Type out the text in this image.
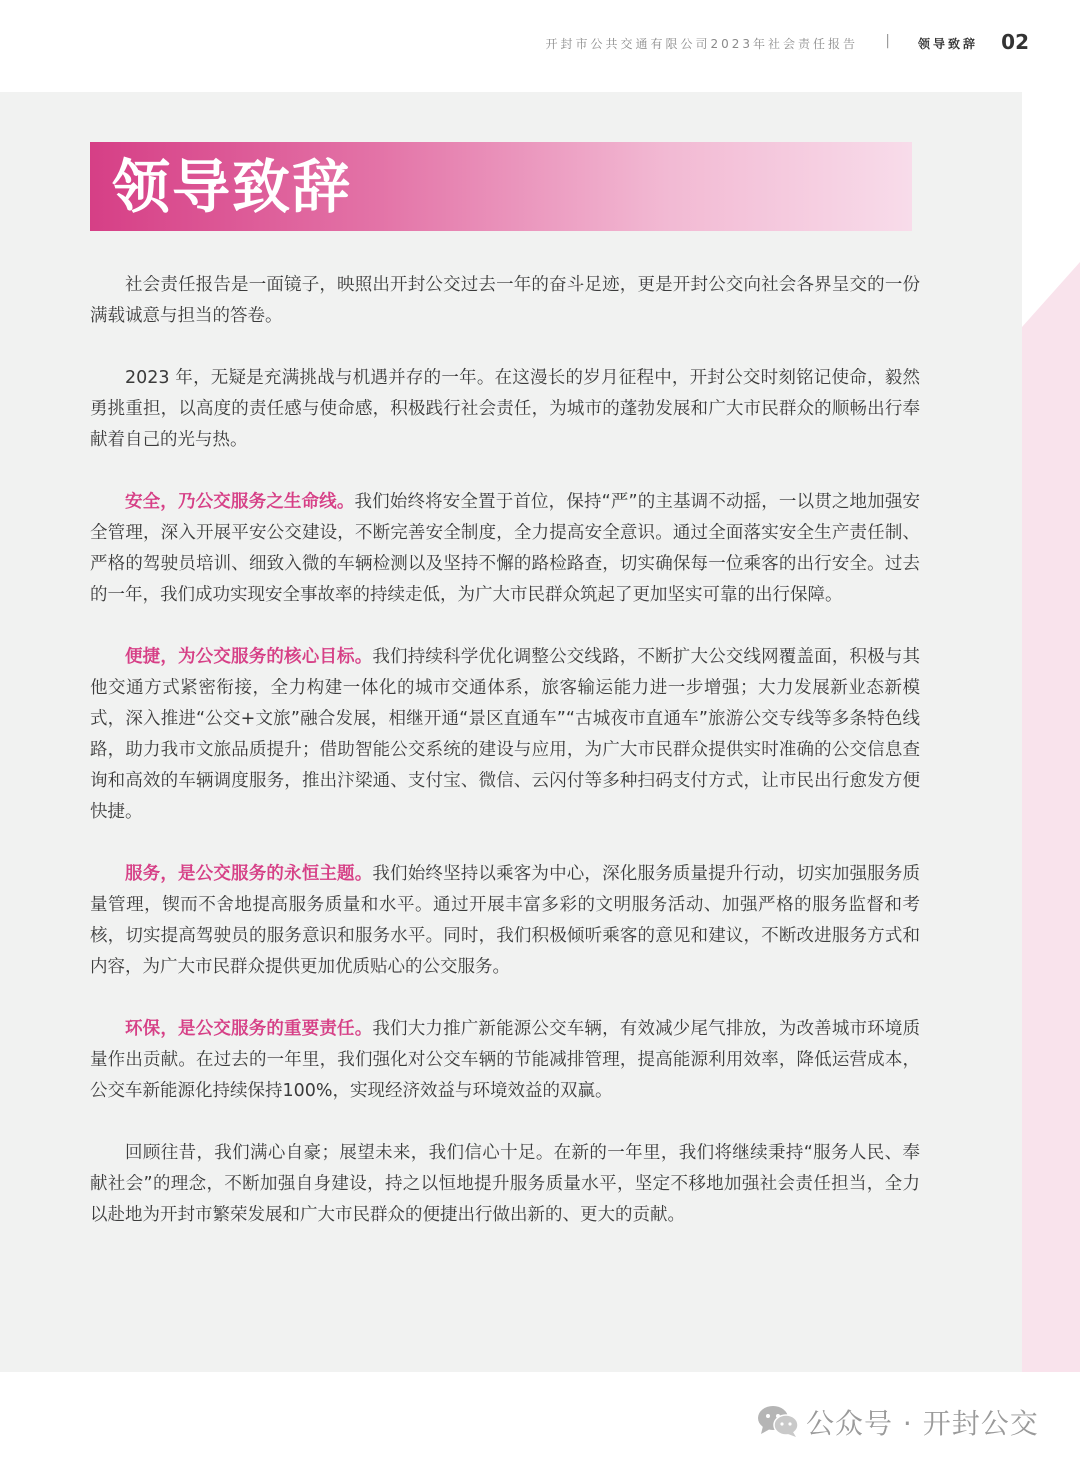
开封市公共交通有限公司2023年社会责任报告 | 领导致辞 02
领导致辞

社会责任报告是一面镜子，映照出开封公交过去一年的奋斗足迹，更是开封公交向社会各界呈交的一份满载诚意与担当的答卷。

2023 年，无疑是充满挑战与机遇并存的一年。在这漫长的岁月征程中，开封公交时刻铭记使命，毅然勇挑重担，以高度的责任感与使命感，积极践行社会责任，为城市的蓬勃发展和广大市民群众的顺畅出行奉献着自己的光与热。

安全，乃公交服务之生命线。我们始终将安全置于首位，保持“严”的主基调不动摇，一以贯之地加强安全管理，深入开展平安公交建设，不断完善安全制度，全力提高安全意识。通过全面落实安全生产责任制、严格的驾驶员培训、细致入微的车辆检测以及坚持不懈的路检路查，切实确保每一位乘客的出行安全。过去的一年，我们成功实现安全事故率的持续走低，为广大市民群众筑起了更加坚实可靠的出行保障。

便捷，为公交服务的核心目标。我们持续科学优化调整公交线路，不断扩大公交线网覆盖面，积极与其他交通方式紧密衔接，全力构建一体化的城市交通体系，旅客输运能力进一步增强；大力发展新业态新模式，深入推进“公交+文旅”融合发展，相继开通“景区直通车”“古城夜市直通车”旅游公交专线等多条特色线路，助力我市文旅品质提升；借助智能公交系统的建设与应用，为广大市民群众提供实时准确的公交信息查询和高效的车辆调度服务，推出汴梁通、支付宝、微信、云闪付等多种扫码支付方式，让市民出行愈发方便快捷。

服务，是公交服务的永恒主题。我们始终坚持以乘客为中心，深化服务质量提升行动，切实加强服务质量管理，锲而不舍地提高服务质量和水平。通过开展丰富多彩的文明服务活动、加强严格的服务监督和考核，切实提高驾驶员的服务意识和服务水平。同时，我们积极倾听乘客的意见和建议，不断改进服务方式和内容，为广大市民群众提供更加优质贴心的公交服务。

环保，是公交服务的重要责任。我们大力推广新能源公交车辆，有效减少尾气排放，为改善城市环境质量作出贡献。在过去的一年里，我们强化对公交车辆的节能减排管理，提高能源利用效率，降低运营成本，公交车新能源化持续保持100%，实现经济效益与环境效益的双赢。

回顾往昔，我们满心自豪；展望未来，我们信心十足。在新的一年里，我们将继续秉持“服务人民、奉献社会”的理念，不断加强自身建设，持之以恒地提升服务质量水平，坚定不移地加强社会责任担当，全力以赴地为开封市繁荣发展和广大市民群众的便捷出行做出新的、更大的贡献。

公众号 · 开封公交
